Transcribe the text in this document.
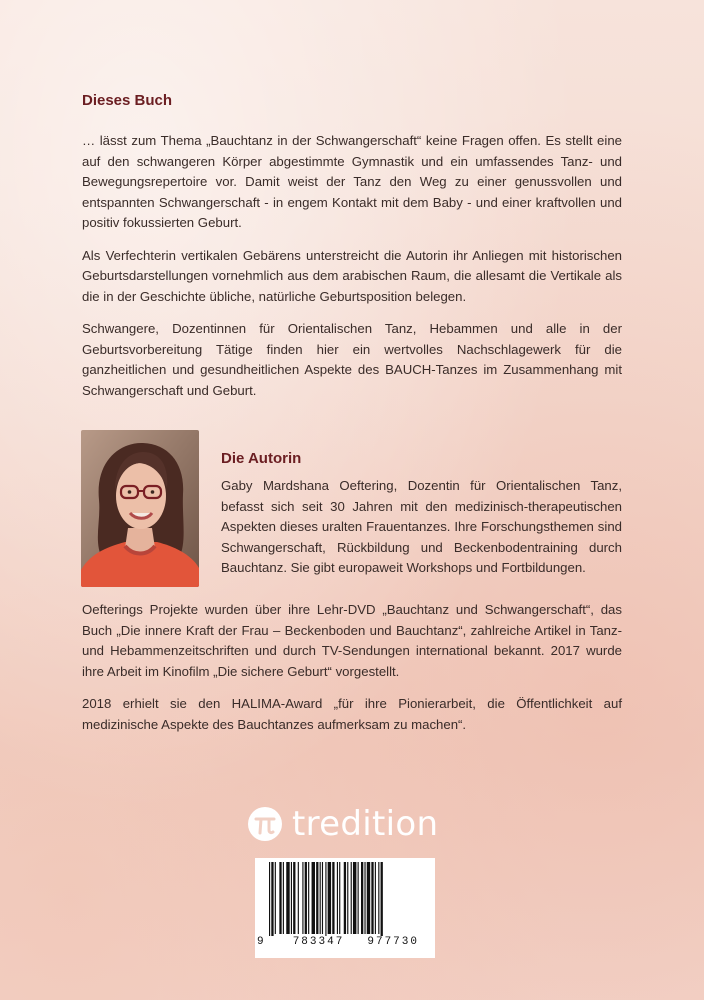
Dieses Buch

… lässt zum Thema „Bauchtanz in der Schwangerschaft“ keine Fragen offen. Es stellt eine auf den schwangeren Körper abgestimmte Gymnastik und ein umfassendes Tanz- und Bewegungsrepertoire vor. Damit weist der Tanz den Weg zu einer genussvollen und entspannten Schwangerschaft - in engem Kontakt mit dem Baby - und einer kraftvollen und positiv fokussierten Geburt.

Als Verfechterin vertikalen Gebärens unterstreicht die Autorin ihr Anliegen mit historischen Geburtsdarstellungen vornehmlich aus dem arabischen Raum, die allesamt die Vertikale als die in der Geschichte übliche, natürliche Geburtsposition belegen.

Schwangere, Dozentinnen für Orientalischen Tanz, Hebammen und alle in der Geburtsvorbereitung Tätige finden hier ein wertvolles Nachschlagewerk für die ganzheitlichen und gesundheitlichen Aspekte des BAUCH-Tanzes im Zusammenhang mit Schwangerschaft und Geburt.

Die Autorin

Gaby Mardshana Oeftering, Dozentin für Orientalischen Tanz, befasst sich seit 30 Jahren mit den medizinisch-therapeutischen Aspekten dieses uralten Frauentanzes. Ihre Forschungsthemen sind Schwangerschaft, Rückbildung und Beckenbodentraining durch Bauchtanz. Sie gibt europaweit Workshops und Fortbildungen.

Oefterings Projekte wurden über ihre Lehr-DVD „Bauchtanz und Schwangerschaft“, das Buch „Die innere Kraft der Frau – Beckenboden und Bauchtanz“, zahlreiche Artikel in Tanz- und Hebammenzeitschriften und durch TV-Sendungen international bekannt. 2017 wurde ihre Arbeit im Kinofilm „Die sichere Geburt“ vorgestellt.

2018 erhielt sie den HALIMA-Award „für ihre Pionierarbeit, die Öffentlichkeit auf medizinische Aspekte des Bauchtanzes aufmerksam zu machen“.

tredition
9	783347 977730
